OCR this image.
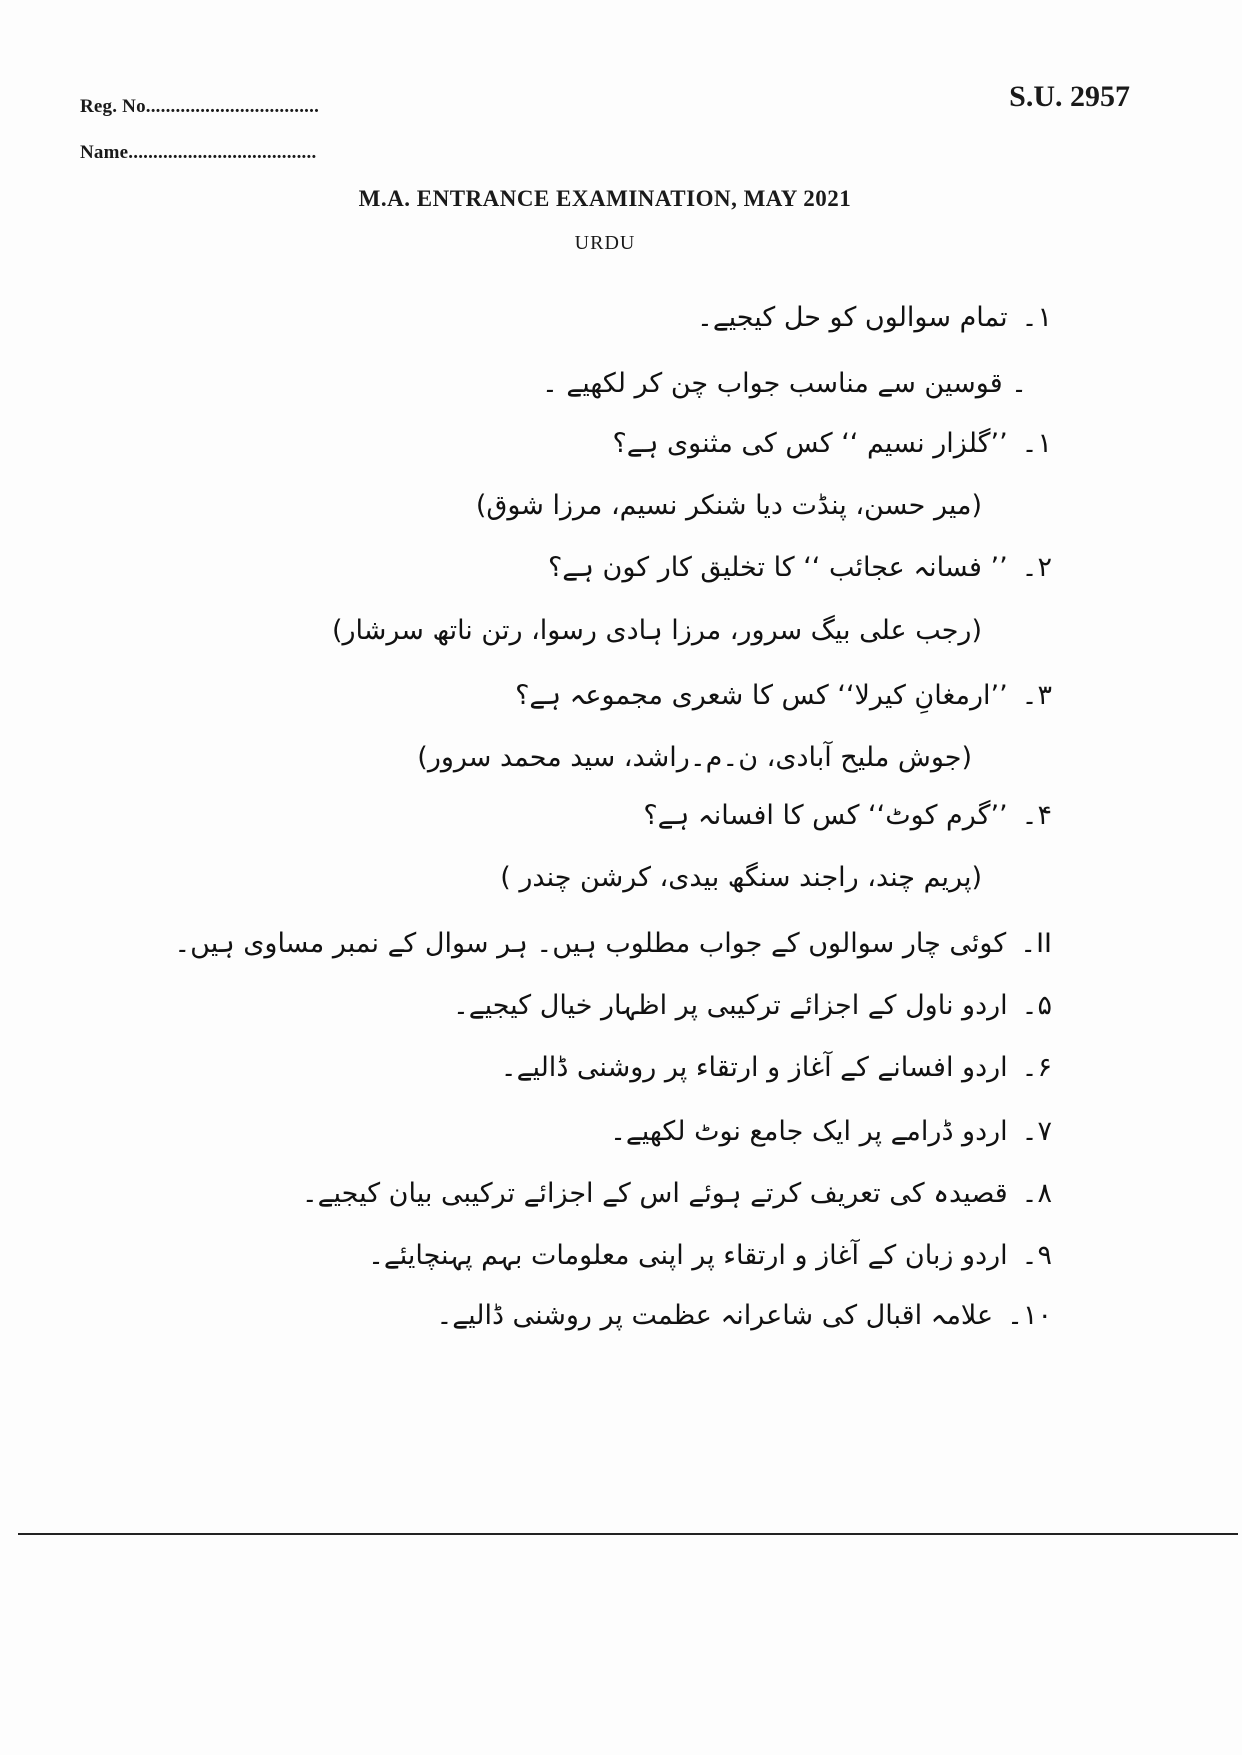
Reg. No...................................
Name......................................
S.U. 2957
M.A. ENTRANCE EXAMINATION, MAY 2021
URDU
۱۔تمام سوالوں کو حل کیجیے۔
۔ قوسین سے مناسب جواب چن کر لکھیے ۔
۱۔’’گلزار نسیم ‘‘ کس کی مثنوی ہے؟
(میر حسن، پنڈت دیا شنکر نسیم، مرزا شوق)
۲۔’’ فسانہ عجائب ‘‘ کا تخلیق کار کون ہے؟
(رجب علی بیگ سرور، مرزا ہادی رسوا، رتن ناتھ سرشار)
۳۔’’ارمغانِ کیرلا‘‘ کس کا شعری مجموعہ ہے؟
(جوش ملیح آبادی، ن۔م۔راشد، سید محمد سرور)
۴۔’’گرم کوٹ‘‘ کس کا افسانہ ہے؟
(پریم چند، راجند سنگھ بیدی، کرشن چندر )
II۔کوئی چار سوالوں کے جواب مطلوب ہیں۔ ہر سوال کے نمبر مساوی ہیں۔
۵۔اردو ناول کے اجزائے ترکیبی پر اظہار خیال کیجیے۔
۶۔اردو افسانے کے آغاز و ارتقاء پر روشنی ڈالیے۔
۷۔اردو ڈرامے پر ایک جامع نوٹ لکھیے۔
۸۔قصیدہ کی تعریف کرتے ہوئے اس کے اجزائے ترکیبی بیان کیجیے۔
۹۔اردو زبان کے آغاز و ارتقاء پر اپنی معلومات بہم پہنچایئے۔
۱۰۔علامہ اقبال کی شاعرانہ عظمت پر روشنی ڈالیے۔
